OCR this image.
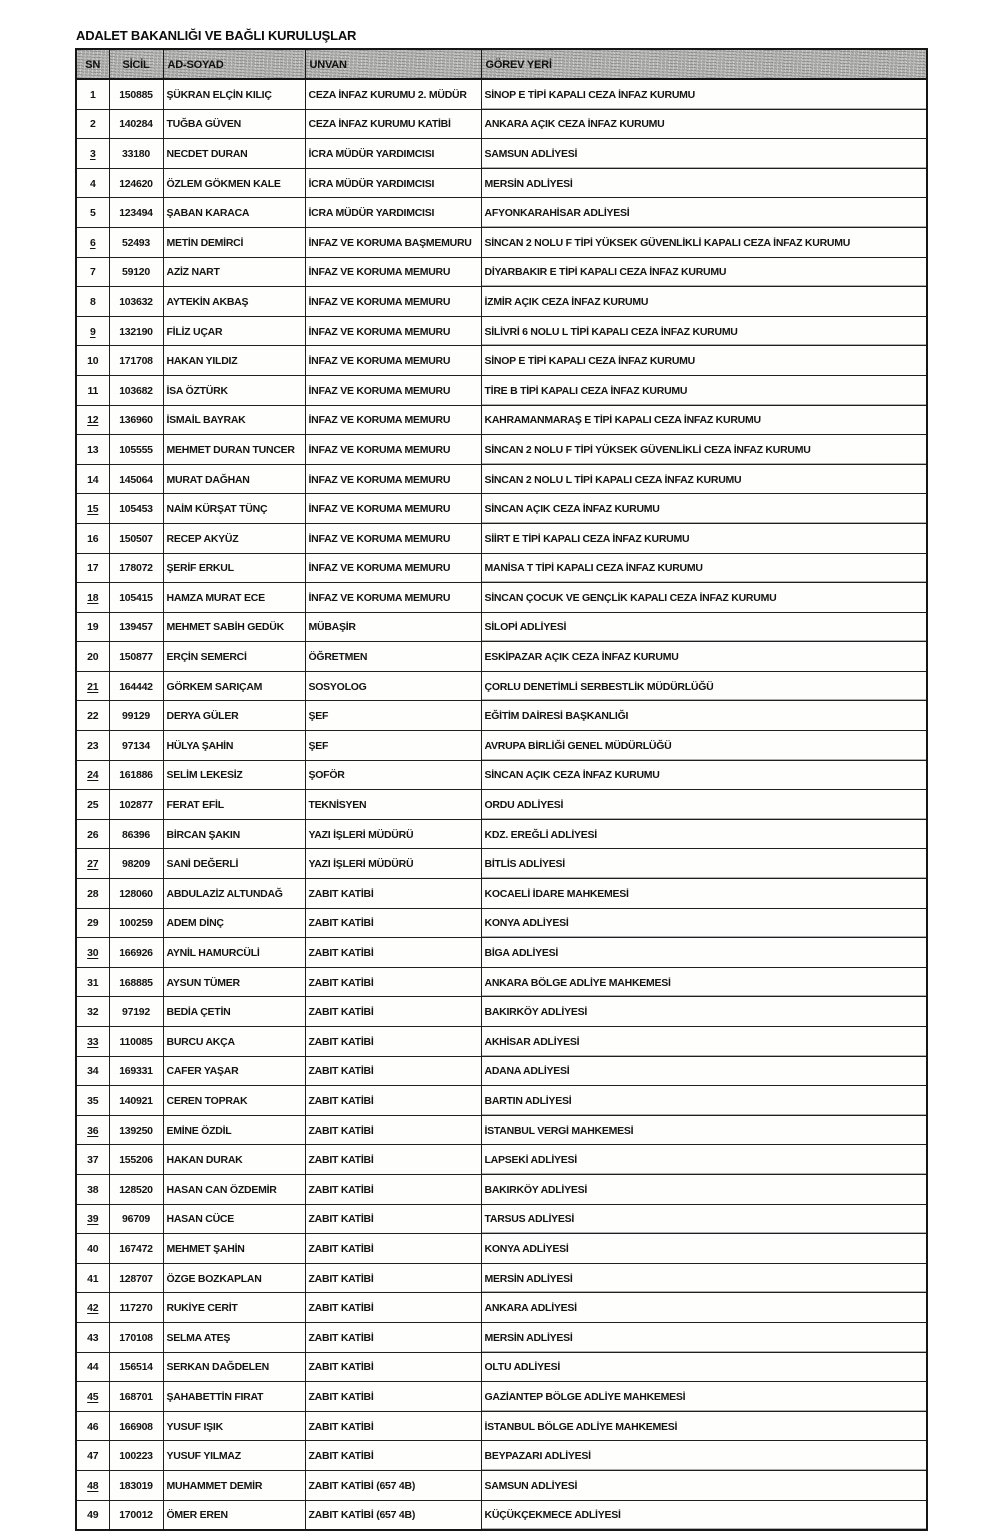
ADALET BAKANLIĞI VE BAĞLI KURULUŞLAR
SN	SİCİL	AD-SOYAD	UNVAN	GÖREV YERİ
1	150885	ŞÜKRAN ELÇİN KILIÇ	CEZA İNFAZ KURUMU 2. MÜDÜR	SİNOP E TİPİ KAPALI CEZA İNFAZ KURUMU
2	140284	TUĞBA GÜVEN	CEZA İNFAZ KURUMU KATİBİ	ANKARA AÇIK CEZA İNFAZ KURUMU
3	33180	NECDET DURAN	İCRA MÜDÜR YARDIMCISI	SAMSUN ADLİYESİ
4	124620	ÖZLEM GÖKMEN KALE	İCRA MÜDÜR YARDIMCISI	MERSİN ADLİYESİ
5	123494	ŞABAN KARACA	İCRA MÜDÜR YARDIMCISI	AFYONKARAHİSAR ADLİYESİ
6	52493	METİN DEMİRCİ	İNFAZ VE KORUMA BAŞMEMURU	SİNCAN 2 NOLU F TİPİ YÜKSEK GÜVENLİKLİ KAPALI CEZA İNFAZ KURUMU
7	59120	AZİZ NART	İNFAZ VE KORUMA MEMURU	DİYARBAKIR E TİPİ KAPALI CEZA İNFAZ KURUMU
8	103632	AYTEKİN AKBAŞ	İNFAZ VE KORUMA MEMURU	İZMİR AÇIK CEZA İNFAZ KURUMU
9	132190	FİLİZ UÇAR	İNFAZ VE KORUMA MEMURU	SİLİVRİ 6 NOLU L TİPİ KAPALI CEZA İNFAZ KURUMU
10	171708	HAKAN YILDIZ	İNFAZ VE KORUMA MEMURU	SİNOP E TİPİ KAPALI CEZA İNFAZ KURUMU
11	103682	İSA ÖZTÜRK	İNFAZ VE KORUMA MEMURU	TİRE B TİPİ KAPALI CEZA İNFAZ KURUMU
12	136960	İSMAİL BAYRAK	İNFAZ VE KORUMA MEMURU	KAHRAMANMARAŞ E TİPİ KAPALI CEZA İNFAZ KURUMU
13	105555	MEHMET DURAN TUNCER	İNFAZ VE KORUMA MEMURU	SİNCAN 2 NOLU F TİPİ YÜKSEK GÜVENLİKLİ CEZA İNFAZ KURUMU
14	145064	MURAT DAĞHAN	İNFAZ VE KORUMA MEMURU	SİNCAN 2 NOLU L TİPİ KAPALI CEZA İNFAZ KURUMU
15	105453	NAİM KÜRŞAT TÜNÇ	İNFAZ VE KORUMA MEMURU	SİNCAN AÇIK CEZA İNFAZ KURUMU
16	150507	RECEP AKYÜZ	İNFAZ VE KORUMA MEMURU	SİİRT E TİPİ KAPALI CEZA İNFAZ KURUMU
17	178072	ŞERİF ERKUL	İNFAZ VE KORUMA MEMURU	MANİSA T TİPİ KAPALI CEZA İNFAZ KURUMU
18	105415	HAMZA MURAT ECE	İNFAZ VE KORUMA MEMURU	SİNCAN ÇOCUK VE GENÇLİK KAPALI CEZA İNFAZ KURUMU
19	139457	MEHMET SABİH GEDÜK	MÜBAŞİR	SİLOPİ ADLİYESİ
20	150877	ERÇİN SEMERCİ	ÖĞRETMEN	ESKİPAZAR AÇIK CEZA İNFAZ KURUMU
21	164442	GÖRKEM SARIÇAM	SOSYOLOG	ÇORLU DENETİMLİ SERBESTLİK MÜDÜRLÜĞÜ
22	99129	DERYA GÜLER	ŞEF	EĞİTİM DAİRESİ BAŞKANLIĞI
23	97134	HÜLYA ŞAHİN	ŞEF	AVRUPA BİRLİĞİ GENEL MÜDÜRLÜĞÜ
24	161886	SELİM LEKESİZ	ŞOFÖR	SİNCAN AÇIK CEZA İNFAZ KURUMU
25	102877	FERAT EFİL	TEKNİSYEN	ORDU ADLİYESİ
26	86396	BİRCAN ŞAKIN	YAZI İŞLERİ MÜDÜRÜ	KDZ. EREĞLİ ADLİYESİ
27	98209	SANİ DEĞERLİ	YAZI İŞLERİ MÜDÜRÜ	BİTLİS ADLİYESİ
28	128060	ABDULAZİZ ALTUNDAĞ	ZABIT KATİBİ	KOCAELİ İDARE MAHKEMESİ
29	100259	ADEM DİNÇ	ZABIT KATİBİ	KONYA ADLİYESİ
30	166926	AYNİL HAMURCÜLİ	ZABIT KATİBİ	BİGA ADLİYESİ
31	168885	AYSUN TÜMER	ZABIT KATİBİ	ANKARA BÖLGE ADLİYE MAHKEMESİ
32	97192	BEDİA ÇETİN	ZABIT KATİBİ	BAKIRKÖY ADLİYESİ
33	110085	BURCU AKÇA	ZABIT KATİBİ	AKHİSAR ADLİYESİ
34	169331	CAFER YAŞAR	ZABIT KATİBİ	ADANA ADLİYESİ
35	140921	CEREN TOPRAK	ZABIT KATİBİ	BARTIN ADLİYESİ
36	139250	EMİNE ÖZDİL	ZABIT KATİBİ	İSTANBUL VERGİ MAHKEMESİ
37	155206	HAKAN DURAK	ZABIT KATİBİ	LAPSEKİ ADLİYESİ
38	128520	HASAN CAN ÖZDEMİR	ZABIT KATİBİ	BAKIRKÖY ADLİYESİ
39	96709	HASAN CÜCE	ZABIT KATİBİ	TARSUS ADLİYESİ
40	167472	MEHMET ŞAHİN	ZABIT KATİBİ	KONYA ADLİYESİ
41	128707	ÖZGE BOZKAPLAN	ZABIT KATİBİ	MERSİN ADLİYESİ
42	117270	RUKİYE CERİT	ZABIT KATİBİ	ANKARA ADLİYESİ
43	170108	SELMA ATEŞ	ZABIT KATİBİ	MERSİN ADLİYESİ
44	156514	SERKAN DAĞDELEN	ZABIT KATİBİ	OLTU ADLİYESİ
45	168701	ŞAHABETTİN FIRAT	ZABIT KATİBİ	GAZİANTEP BÖLGE ADLİYE MAHKEMESİ
46	166908	YUSUF IŞIK	ZABIT KATİBİ	İSTANBUL BÖLGE ADLİYE MAHKEMESİ
47	100223	YUSUF YILMAZ	ZABIT KATİBİ	BEYPAZARI ADLİYESİ
48	183019	MUHAMMET DEMİR	ZABIT KATİBİ (657 4B)	SAMSUN ADLİYESİ
49	170012	ÖMER EREN	ZABIT KATİBİ (657 4B)	KÜÇÜKÇEKMECE ADLİYESİ
